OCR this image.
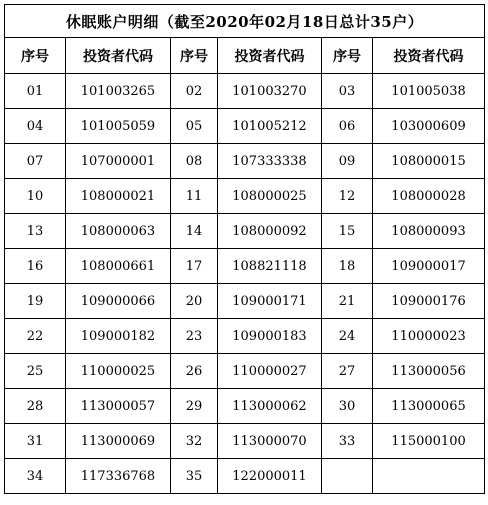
休眠账户明细（截至2020年02月18日总计35户）					
序号	投资者代码	序号	投资者代码	序号	投资者代码
01	101003265	02	101003270	03	101005038
04	101005059	05	101005212	06	103000609
07	107000001	08	107333338	09	108000015
10	108000021	11	108000025	12	108000028
13	108000063	14	108000092	15	108000093
16	108000661	17	108821118	18	109000017
19	109000066	20	109000171	21	109000176
22	109000182	23	109000183	24	110000023
25	110000025	26	110000027	27	113000056
28	113000057	29	113000062	30	113000065
31	113000069	32	113000070	33	115000100
34	117336768	35	122000011		
